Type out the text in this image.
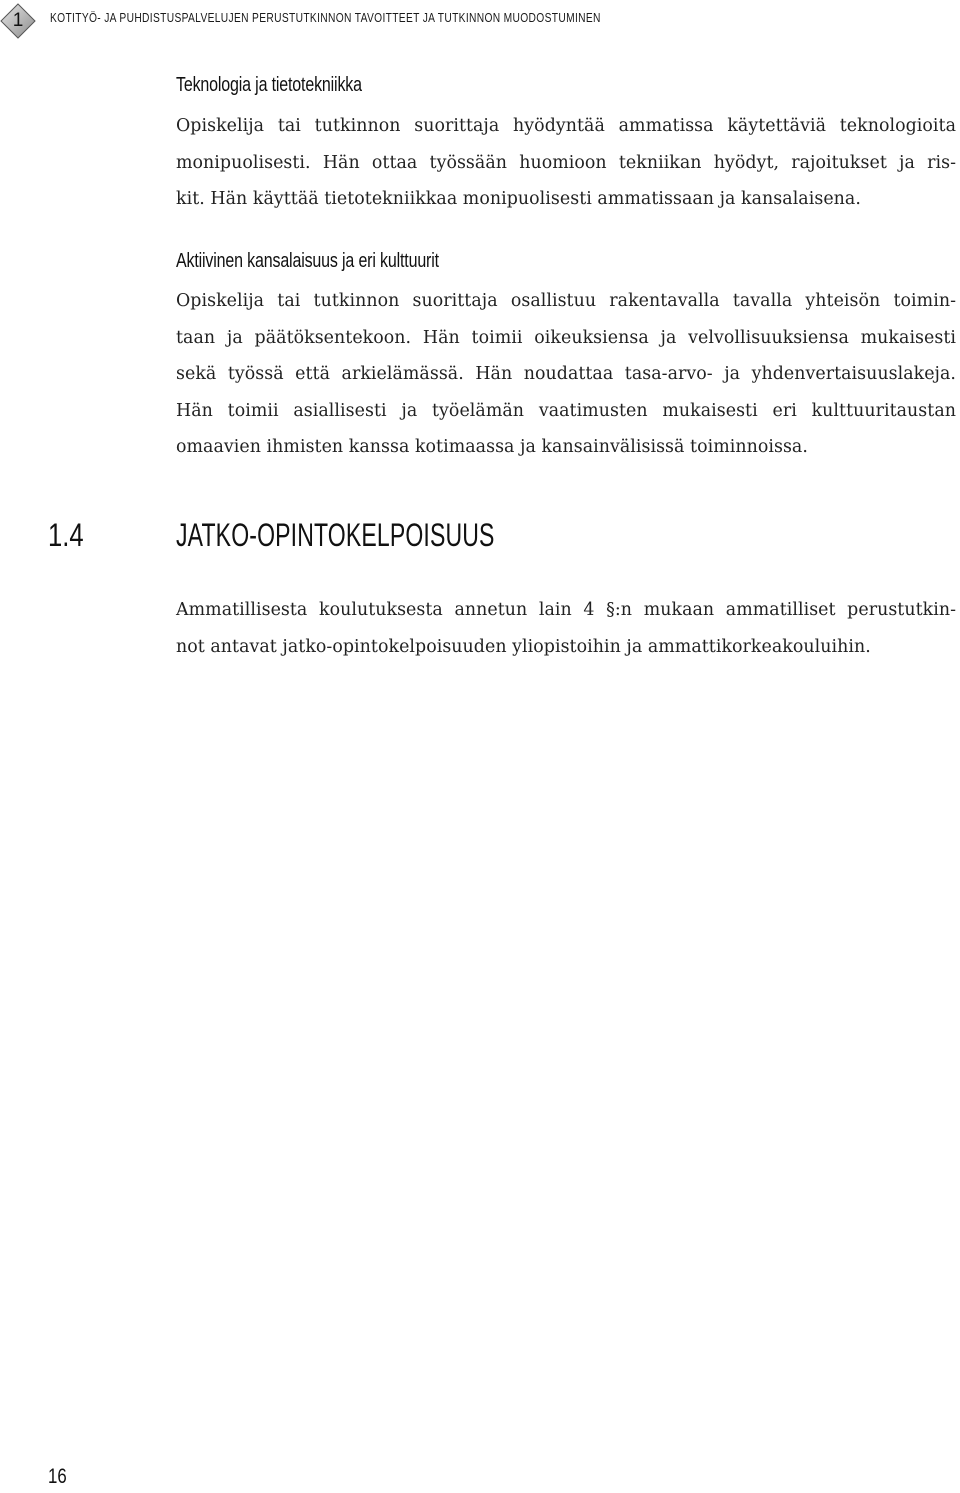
1	KOTITYÖ- JA PUHDISTUSPALVELUJEN PERUSTUTKINNON TAVOITTEET JA TUTKINNON MUODOSTUMINEN
Teknologia ja tietotekniikka
Opiskelija tai tutkinnon suorittaja hyödyntää ammatissa käytettäviä teknologioita
monipuolisesti. Hän ottaa työssään huomioon tekniikan hyödyt, rajoitukset ja ris-
kit. Hän käyttää tietotekniikkaa monipuolisesti ammatissaan ja kansalaisena.
Aktiivinen kansalaisuus ja eri kulttuurit
Opiskelija tai tutkinnon suorittaja osallistuu rakentavalla tavalla yhteisön toimin-
taan ja päätöksentekoon. Hän toimii oikeuksiensa ja velvollisuuksiensa mukaisesti
sekä työssä että arkielämässä. Hän noudattaa tasa-arvo- ja yhdenvertaisuuslakeja.
Hän toimii asiallisesti ja työelämän vaatimusten mukaisesti eri kulttuuritaustan
omaavien ihmisten kanssa kotimaassa ja kansainvälisissä toiminnoissa.
Ammatillisesta koulutuksesta annetun lain 4 §:n mukaan ammatilliset perustutkin-
not antavat jatko-opintokelpoisuuden yliopistoihin ja ammattikorkeakouluihin.
1.4	JATKO-OPINTOKELPOISUUS
16
